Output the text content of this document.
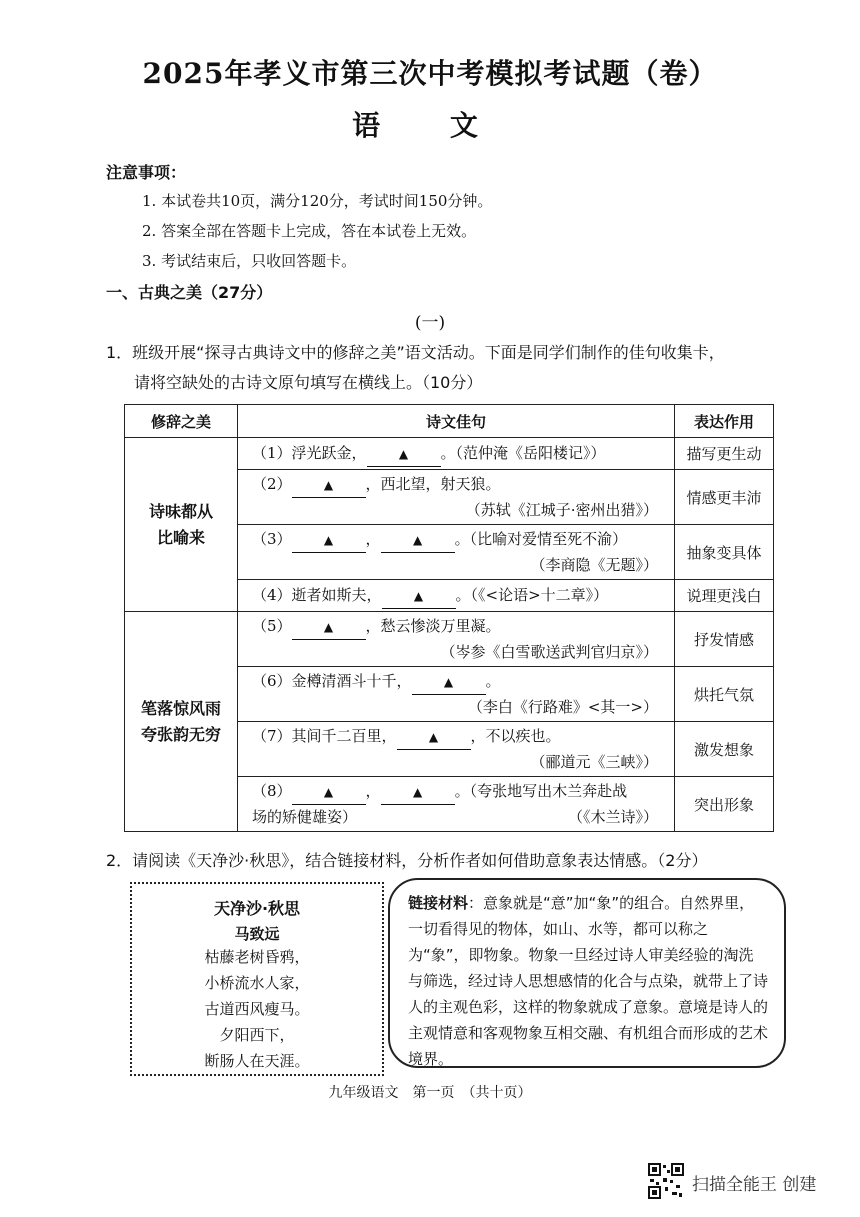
2025年孝义市第三次中考模拟考试题（卷）
语 文
注意事项：
1. 本试卷共10页，满分120分，考试时间150分钟。
2. 答案全部在答题卡上完成，答在本试卷上无效。
3. 考试结束后，只收回答题卡。
一、古典之美（27分）
(一)
1．班级开展“探寻古典诗文中的修辞之美”语文活动。下面是同学们制作的佳句收集卡，
请将空缺处的古诗文原句填写在横线上。（10分）
修辞之美	诗文佳句	表达作用
诗味都从比喻来	（1）浮光跃金， ▲ 。（范仲淹《岳阳楼记》）	描写更生动
	（2） ▲ ，西北望，射天狼。
（苏轼《江城子·密州出猎》）	情感更丰沛
	（3） ▲ ， ▲ 。（比喻对爱情至死不渝）
（李商隐《无题》）	抽象变具体
	（4）逝者如斯夫， ▲ 。（《<论语>十二章》）	说理更浅白
笔落惊风雨夸张韵无穷	（5） ▲ ，愁云惨淡万里凝。
（岑参《白雪歌送武判官归京》）	抒发情感
	（6）金樽清酒斗十千， ▲ 。
（李白《行路难》<其一>）	烘托气氛
	（7）其间千二百里， ▲ ，不以疾也。
（郦道元《三峡》）	激发想象
	（8） ▲ ， ▲ 。（夸张地写出木兰奔赴战
场的矫健雄姿） （《木兰诗》）	突出形象
2．请阅读《天净沙·秋思》，结合链接材料，分析作者如何借助意象表达情感。（2分）
天净沙·秋思
马致远
枯藤老树昏鸦，
小桥流水人家，
古道西风瘦马。
夕阳西下，
断肠人在天涯。
链接材料：意象就是“意”加“象”的组合。自然界里，一切看得见的物体，如山、水等，都可以称之为“象”，即物象。物象一旦经过诗人审美经验的淘洗与筛选，经过诗人思想感情的化合与点染，就带上了诗人的主观色彩，这样的物象就成了意象。意境是诗人的主观情意和客观物象互相交融、有机组合而形成的艺术境界。
九年级语文　第一页　（共十页）
扫描全能王 创建
